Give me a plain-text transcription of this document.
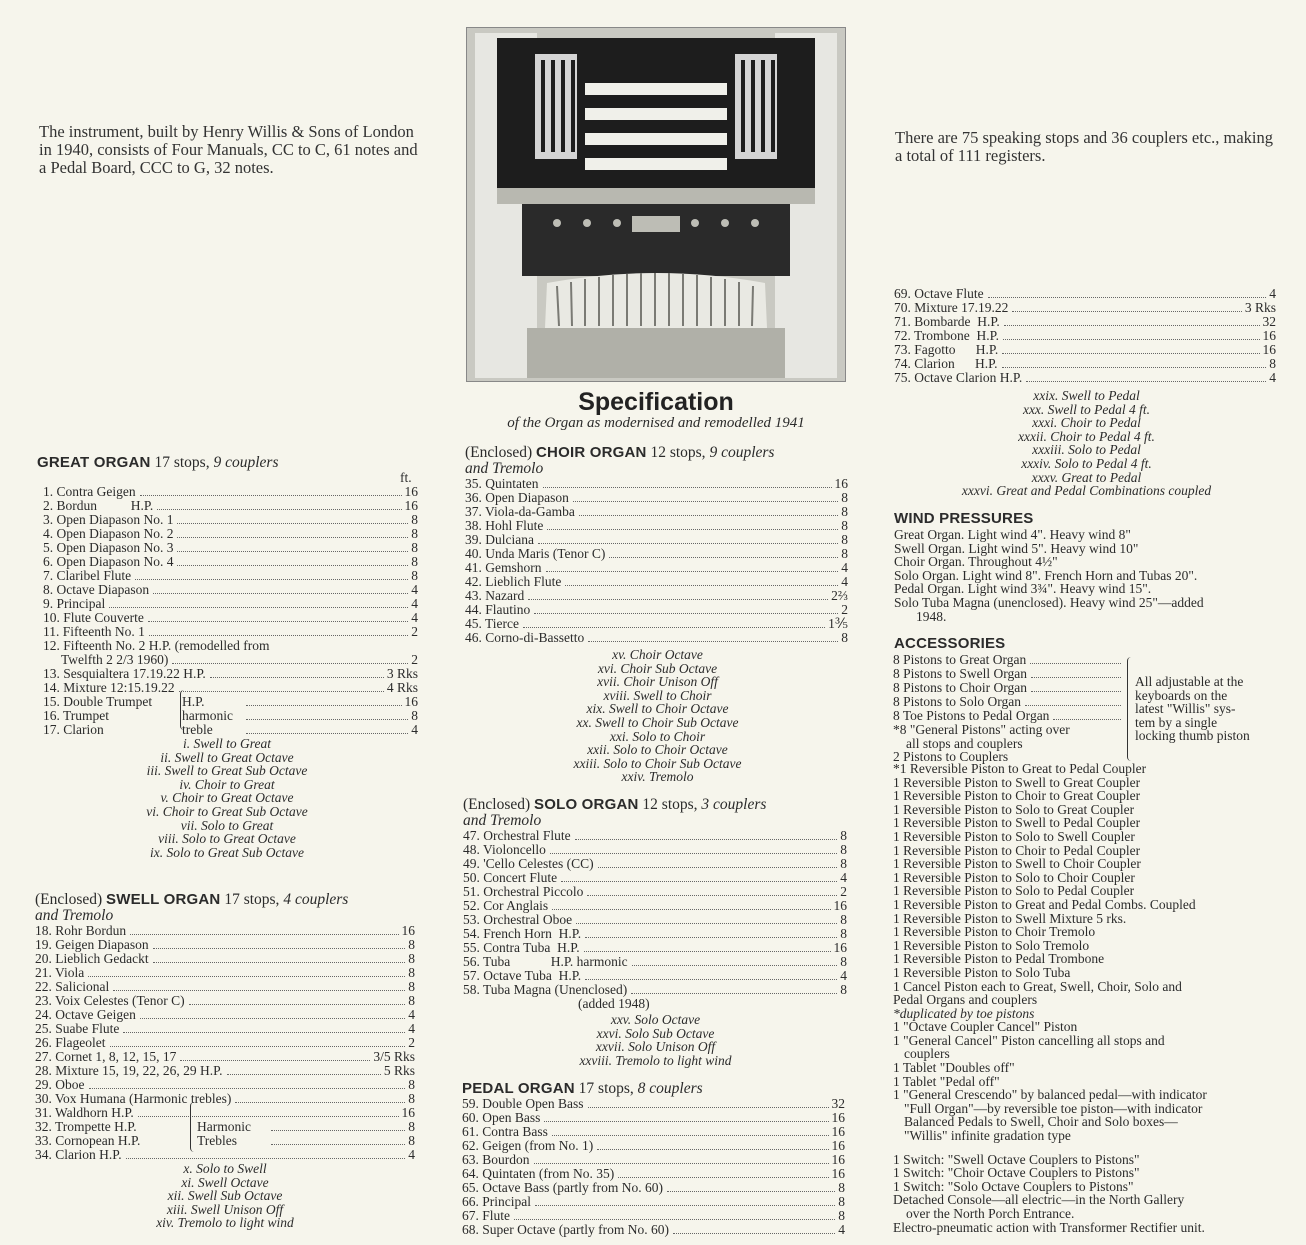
The instrument, built by Henry Willis & Sons of London in 1940, consists of Four Manuals, CC to C, 61 notes and a Pedal Board, CCC to G, 32 notes.
There are 75 speaking stops and 36 couplers etc., making a total of 111 registers.
Specification
of the Organ as modernised and remodelled 1941
GREAT ORGAN 17 stops, 9 couplers
ft.
1. Contra Geigen	16
2. Bordun          H.P.	16
3. Open Diapason No. 1	8
4. Open Diapason No. 2	8
5. Open Diapason No. 3	8
6. Open Diapason No. 4	8
7. Claribel Flute	8
8. Octave Diapason	4
9. Principal	4
10. Flute Couverte	4
11. Fifteenth No. 1	2
12. Fifteenth No. 2 H.P. (remodelled from
Twelfth 2 2/3 1960)	2
13. Sesquialtera 17.19.22 H.P.	3 Rks
14. Mixture 12:15.19.22	4 Rks
15. Double Trumpet	H.P.	16
16. Trumpet	harmonic	8
17. Clarion	treble	4
i. Swell to Great
ii. Swell to Great Octave
iii. Swell to Great Sub Octave
iv. Choir to Great
v. Choir to Great Octave
vi. Choir to Great Sub Octave
vii. Solo to Great
viii. Solo to Great Octave
ix. Solo to Great Sub Octave
(Enclosed) SWELL ORGAN 17 stops, 4 couplers
and Tremolo
18. Rohr Bordun	16
19. Geigen Diapason	8
20. Lieblich Gedackt	8
21. Viola	8
22. Salicional	8
23. Voix Celestes (Tenor C)	8
24. Octave Geigen	4
25. Suabe Flute	4
26. Flageolet	2
27. Cornet 1, 8, 12, 15, 17	3/5 Rks
28. Mixture 15, 19, 22, 26, 29 H.P.	5 Rks
29. Oboe	8
30. Vox Humana (Harmonic trebles)	8
31. Waldhorn H.P.	16
32. Trompette H.P.	Harmonic	8
33. Cornopean H.P.	Trebles	8
34. Clarion H.P.	4
x. Solo to Swell
xi. Swell Octave
xii. Swell Sub Octave
xiii. Swell Unison Off
xiv. Tremolo to light wind
(Enclosed) CHOIR ORGAN 12 stops, 9 couplers
and Tremolo
35. Quintaten	16
36. Open Diapason	8
37. Viola-da-Gamba	8
38. Hohl Flute	8
39. Dulciana	8
40. Unda Maris (Tenor C)	8
41. Gemshorn	4
42. Lieblich Flute	4
43. Nazard	2⅔
44. Flautino	2
45. Tierce	1⅗
46. Corno-di-Bassetto	8
xv. Choir Octave
xvi. Choir Sub Octave
xvii. Choir Unison Off
xviii. Swell to Choir
xix. Swell to Choir Octave
xx. Swell to Choir Sub Octave
xxi. Solo to Choir
xxii. Solo to Choir Octave
xxiii. Solo to Choir Sub Octave
xxiv. Tremolo
(Enclosed) SOLO ORGAN 12 stops, 3 couplers
and Tremolo
47. Orchestral Flute	8
48. Violoncello	8
49. 'Cello Celestes (CC)	8
50. Concert Flute	4
51. Orchestral Piccolo	2
52. Cor Anglais	16
53. Orchestral Oboe	8
54. French Horn  H.P.	8
55. Contra Tuba  H.P.	16
56. Tuba            H.P. harmonic	8
57. Octave Tuba  H.P.	4
58. Tuba Magna (Unenclosed)	8
(added 1948)
xxv. Solo Octave
xxvi. Solo Sub Octave
xxvii. Solo Unison Off
xxviii. Tremolo to light wind
PEDAL ORGAN 17 stops, 8 couplers
59. Double Open Bass	32
60. Open Bass	16
61. Contra Bass	16
62. Geigen (from No. 1)	16
63. Bourdon	16
64. Quintaten (from No. 35)	16
65. Octave Bass (partly from No. 60)	8
66. Principal	8
67. Flute	8
68. Super Octave (partly from No. 60)	4
69. Octave Flute	4
70. Mixture 17.19.22	3 Rks
71. Bombarde  H.P.	32
72. Trombone  H.P.	16
73. Fagotto      H.P.	16
74. Clarion      H.P.	8
75. Octave Clarion H.P.	4
xxix. Swell to Pedal
xxx. Swell to Pedal 4 ft.
xxxi. Choir to Pedal
xxxii. Choir to Pedal 4 ft.
xxxiii. Solo to Pedal
xxxiv. Solo to Pedal 4 ft.
xxxv. Great to Pedal
xxxvi. Great and Pedal Combinations coupled
WIND PRESSURES
Great Organ. Light wind 4". Heavy wind 8"
Swell Organ. Light wind 5". Heavy wind 10"
Choir Organ. Throughout 4½"
Solo Organ. Light wind 8". French Horn and Tubas 20".
Pedal Organ. Light wind 3¾". Heavy wind 15".
Solo Tuba Magna (unenclosed). Heavy wind 25"—added
1948.
ACCESSORIES
8 Pistons to Great Organ
8 Pistons to Swell Organ
8 Pistons to Choir Organ
8 Pistons to Solo Organ
8 Toe Pistons to Pedal Organ
*8 "General Pistons" acting over
all stops and couplers
2 Pistons to Couplers
All adjustable at the
keyboards on the
latest "Willis" sys-
tem by a single
locking thumb piston
*1 Reversible Piston to Great to Pedal Coupler
1 Reversible Piston to Swell to Great Coupler
1 Reversible Piston to Choir to Great Coupler
1 Reversible Piston to Solo to Great Coupler
1 Reversible Piston to Swell to Pedal Coupler
1 Reversible Piston to Solo to Swell Coupler
1 Reversible Piston to Choir to Pedal Coupler
1 Reversible Piston to Swell to Choir Coupler
1 Reversible Piston to Solo to Choir Coupler
1 Reversible Piston to Solo to Pedal Coupler
1 Reversible Piston to Great and Pedal Combs. Coupled
1 Reversible Piston to Swell Mixture 5 rks.
1 Reversible Piston to Choir Tremolo
1 Reversible Piston to Solo Tremolo
1 Reversible Piston to Pedal Trombone
1 Reversible Piston to Solo Tuba
1 Cancel Piston each to Great, Swell, Choir, Solo and
Pedal Organs and couplers
*duplicated by toe pistons
1 "Octave Coupler Cancel" Piston
1 "General Cancel" Piston cancelling all stops and
couplers
1 Tablet "Doubles off"
1 Tablet "Pedal off"
1 "General Crescendo" by balanced pedal—with indicator
"Full Organ"—by reversible toe piston—with indicator
Balanced Pedals to Swell, Choir and Solo boxes—
"Willis" infinite gradation type
1 Switch: "Swell Octave Couplers to Pistons"
1 Switch: "Choir Octave Couplers to Pistons"
1 Switch: "Solo Octave Couplers to Pistons"
Detached Console—all electric—in the North Gallery
over the North Porch Entrance.
Electro-pneumatic action with Transformer Rectifier unit.
